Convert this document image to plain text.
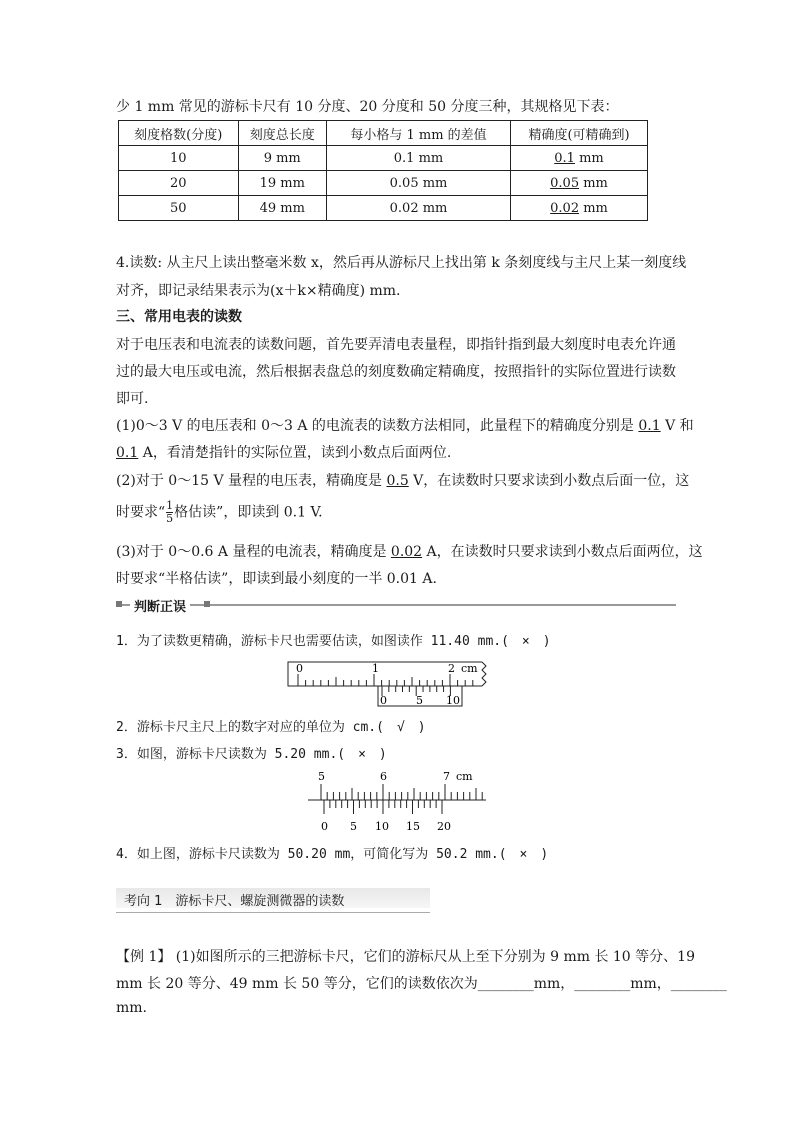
少 1 mm 常见的游标卡尺有 10 分度、20 分度和 50 分度三种，其规格见下表：
刻度格数(分度)	刻度总长度	每小格与 1 mm 的差值	精确度(可精确到)
10	9 mm	0.1 mm	0.1 mm
20	19 mm	0.05 mm	0.05 mm
50	49 mm	0.02 mm	0.02 mm
4.读数: 从主尺上读出整毫米数 x，然后再从游标尺上找出第 k 条刻度线与主尺上某一刻度线
对齐，即记录结果表示为(x＋k×精确度) mm.
三、常用电表的读数
对于电压表和电流表的读数问题，首先要弄清电表量程，即指针指到最大刻度时电表允许通
过的最大电压或电流，然后根据表盘总的刻度数确定精确度，按照指针的实际位置进行读数
即可.
(1)0～3 V 的电压表和 0～3 A 的电流表的读数方法相同，此量程下的精确度分别是 0.1 V 和
0.1 A，看清楚指针的实际位置，读到小数点后面两位.
(2)对于 0～15 V 量程的电压表，精确度是 0.5 V，在读数时只要求读到小数点后面一位，这
时要求“ $\frac{1}{5}$ 格估读”，即读到 0.1 V.
(3)对于 0～0.6 A 量程的电流表，精确度是 0.02 A，在读数时只要求读到小数点后面两位，这
时要求“半格估读”，即读到最小刻度的一半 0.01 A.
判断正误
1．为了读数更精确，游标卡尺也需要估读，如图读作 11.40 mm.(　×　)
0	1	2 cm
0	5 10
2．游标卡尺主尺上的数字对应的单位为 cm.(　√　)
3．如图，游标卡尺读数为 5.20 mm.(　×　)
5	6	7 cm
0 5 10 15 20
4．如上图，游标卡尺读数为 50.20 mm，可简化写为 50.2 mm.(　×　)
考向 1　游标卡尺、螺旋测微器的读数
【例 1】 (1)如图所示的三把游标卡尺，它们的游标尺从上至下分别为 9 mm 长 10 等分、19
mm 长 20 等分、49 mm 长 50 等分，它们的读数依次为________mm，________mm，________
mm.
